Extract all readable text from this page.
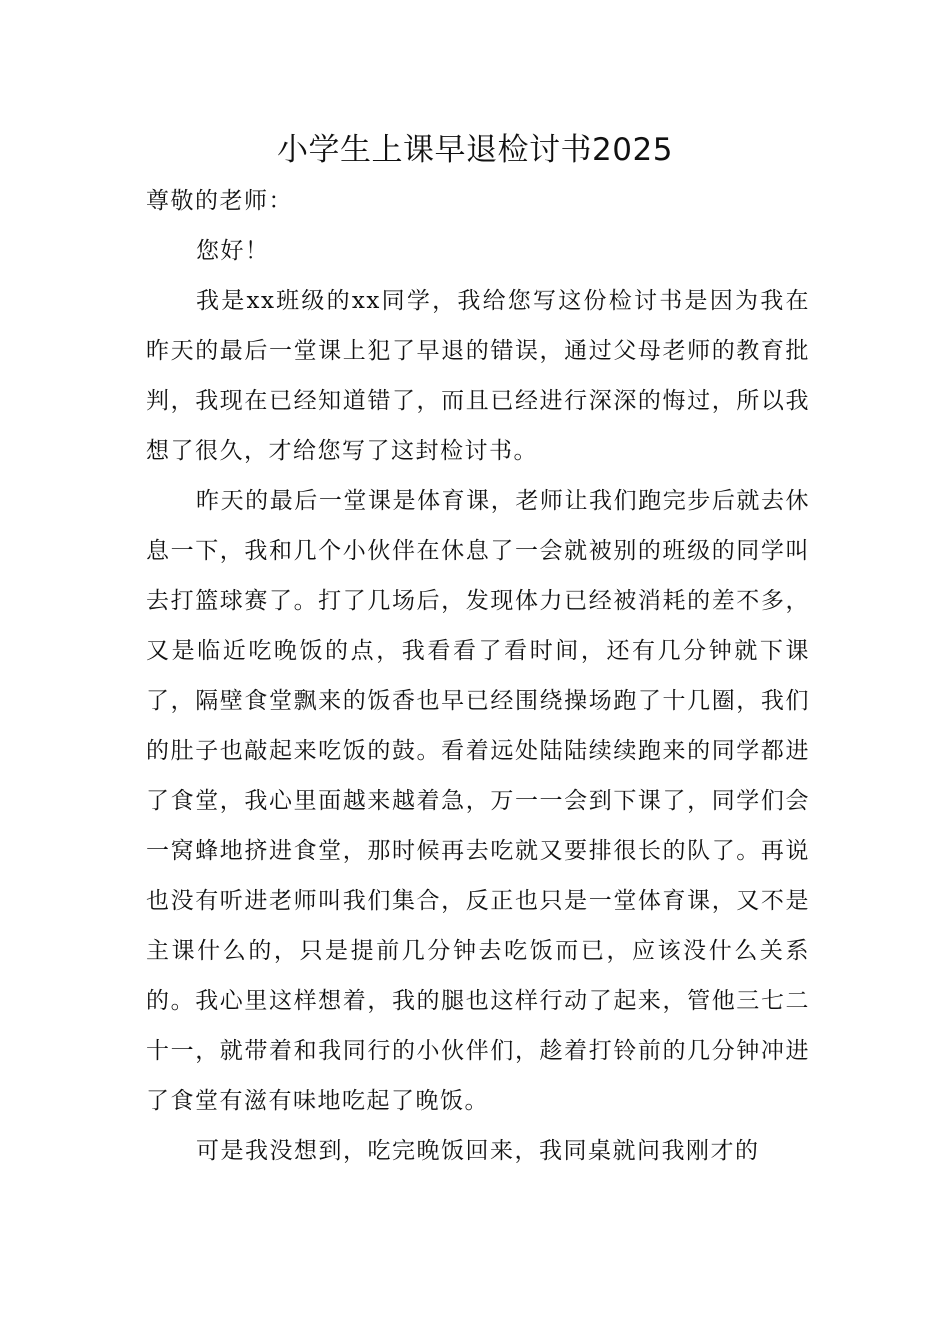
小学生上课早退检讨书2025

尊敬的老师：

您好！

我是xx班级的xx同学，我给您写这份检讨书是因为我在昨天的最后一堂课上犯了早退的错误，通过父母老师的教育批判，我现在已经知道错了，而且已经进行深深的悔过，所以我想了很久，才给您写了这封检讨书。

昨天的最后一堂课是体育课，老师让我们跑完步后就去休息一下，我和几个小伙伴在休息了一会就被别的班级的同学叫去打篮球赛了。打了几场后，发现体力已经被消耗的差不多，又是临近吃晚饭的点，我看看了看时间，还有几分钟就下课了，隔壁食堂飘来的饭香也早已经围绕操场跑了十几圈，我们的肚子也敲起来吃饭的鼓。看着远处陆陆续续跑来的同学都进了食堂，我心里面越来越着急，万一一会到下课了，同学们会一窝蜂地挤进食堂，那时候再去吃就又要排很长的队了。再说也没有听进老师叫我们集合，反正也只是一堂体育课，又不是主课什么的，只是提前几分钟去吃饭而已，应该没什么关系的。我心里这样想着，我的腿也这样行动了起来，管他三七二十一，就带着和我同行的小伙伴们，趁着打铃前的几分钟冲进了食堂有滋有味地吃起了晚饭。

可是我没想到，吃完晚饭回来，我同桌就问我刚才的
